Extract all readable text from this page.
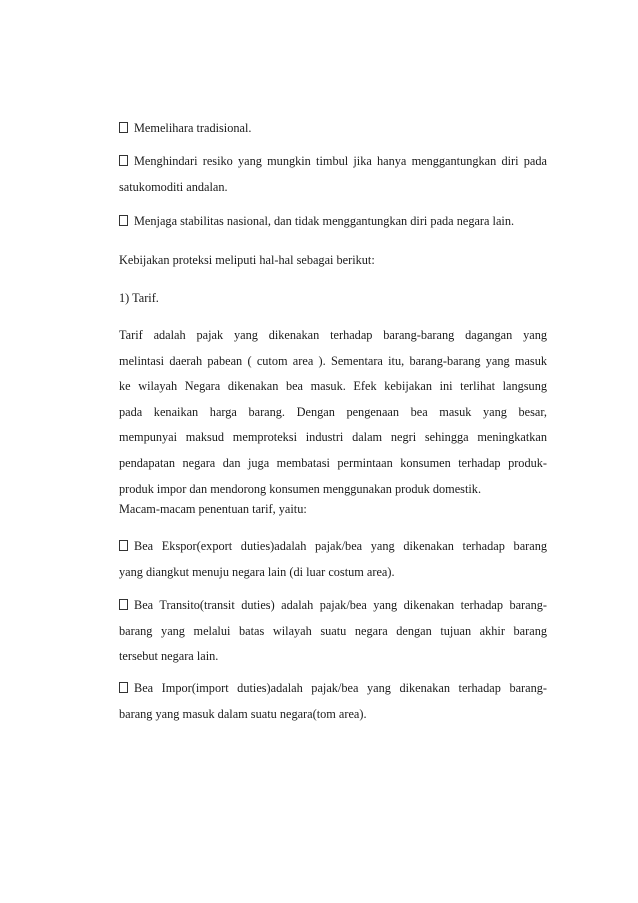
Memelihara tradisional.

Menghindari resiko yang mungkin timbul jika hanya menggantungkan diri pada
satukomoditi andalan.

Menjaga stabilitas nasional, dan tidak menggantungkan diri pada negara lain.

Kebijakan proteksi meliputi hal-hal sebagai berikut:

1) Tarif.

Tarif adalah pajak yang dikenakan terhadap barang-barang dagangan yang
melintasi daerah pabean ( cutom area ). Sementara itu, barang-barang yang masuk
ke wilayah Negara dikenakan bea masuk. Efek kebijakan ini terlihat langsung
pada kenaikan harga barang. Dengan pengenaan bea masuk yang besar,
mempunyai maksud memproteksi industri dalam negri sehingga meningkatkan
pendapatan negara dan juga membatasi permintaan konsumen terhadap produk-
produk impor dan mendorong konsumen menggunakan produk domestik.

Macam-macam penentuan tarif, yaitu:

Bea Ekspor(export duties)adalah pajak/bea yang dikenakan terhadap barang
yang diangkut menuju negara lain (di luar costum area).
Bea Transito(transit duties) adalah pajak/bea yang dikenakan terhadap barang-
barang yang melalui batas wilayah suatu negara dengan tujuan akhir barang
tersebut negara lain.
Bea Impor(import duties)adalah pajak/bea yang dikenakan terhadap barang-
barang yang masuk dalam suatu negara(tom area).
